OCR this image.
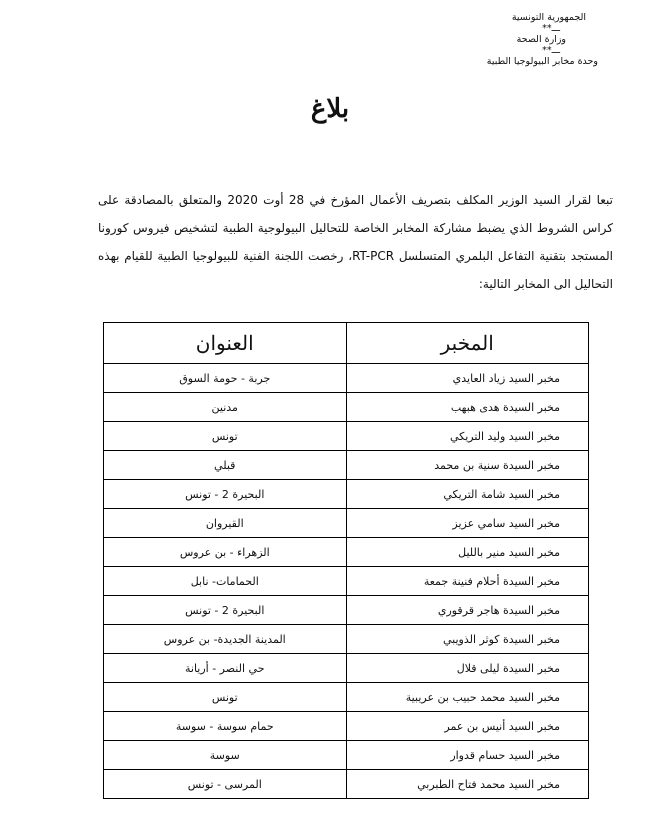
الجمهورية التونسية
**ـــ
وزارة الصحة
**ـــ
وحدة مخابر البيولوجيا الطبية
بلاغ
تبعا لقرار السيد الوزير المكلف بتصريف الأعمال المؤرخ في 28 أوت 2020 والمتعلق بالمصادقة على كراس الشروط الذي يضبط مشاركة المخابر الخاصة للتحاليل البيولوجية الطبية لتشخيص فيروس كورونا المستجد بتقنية التفاعل البلمري المتسلسل RT-PCR، رخصت اللجنة الفنية للبيولوجيا الطبية للقيام بهذه التحاليل الى المخابر التالية:
المخبر	العنوان
مخبر السيد زياد العايدي	جربة - حومة السوق
مخبر السيدة هدى هبهب	مدنين
مخبر السيد وليد التريكي	تونس
مخبر السيدة سنية بن محمد	قبلي
مخبر السيد شامة التريكي	البحيرة 2 - تونس
مخبر السيد سامي عزيز	القيروان
مخبر السيد منير بالليل	الزهراء - بن عروس
مخبر السيدة أحلام فنينة جمعة	الحمامات- نابل
مخبر السيدة هاجر قرقوري	البحيرة 2 - تونس
مخبر السيدة كوثر الذويبي	المدينة الجديدة- بن عروس
مخبر السيدة ليلى قلال	حي النصر - أريانة
مخبر السيد محمد حبيب بن عريبية	تونس
مخبر السيد أنيس بن عمر	حمام سوسة - سوسة
مخبر السيد حسام قدوار	سوسة
مخبر السيد محمد فتاح الطبربي	المرسى - تونس
